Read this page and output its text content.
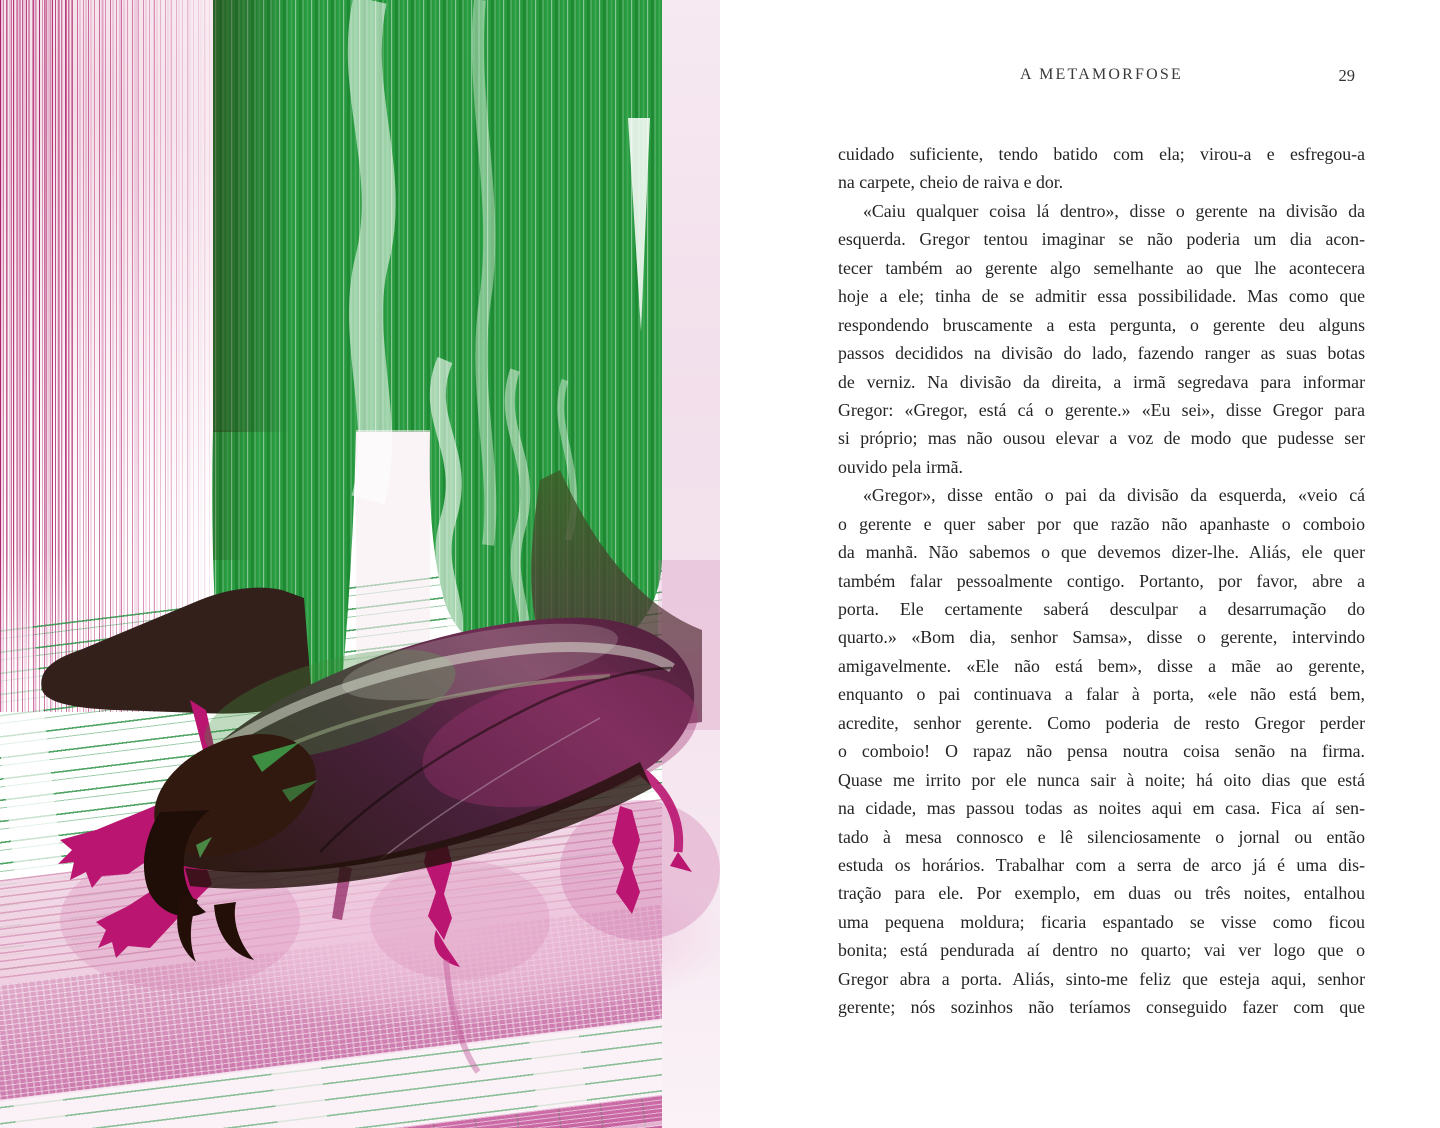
A METAMORFOSE	29
cuidado suficiente, tendo batido com ela; virou-a e esfregou-a
na carpete, cheio de raiva e dor.
«Caiu qualquer coisa lá dentro», disse o gerente na divisão da
esquerda. Gregor tentou imaginar se não poderia um dia acon-
tecer também ao gerente algo semelhante ao que lhe acontecera
hoje a ele; tinha de se admitir essa possibilidade. Mas como que
respondendo bruscamente a esta pergunta, o gerente deu alguns
passos decididos na divisão do lado, fazendo ranger as suas botas
de verniz. Na divisão da direita, a irmã segredava para informar
Gregor: «Gregor, está cá o gerente.» «Eu sei», disse Gregor para
si próprio; mas não ousou elevar a voz de modo que pudesse ser
ouvido pela irmã.
«Gregor», disse então o pai da divisão da esquerda, «veio cá
o gerente e quer saber por que razão não apanhaste o comboio
da manhã. Não sabemos o que devemos dizer-lhe. Aliás, ele quer
também falar pessoalmente contigo. Portanto, por favor, abre a
porta. Ele certamente saberá desculpar a desarrumação do
quarto.» «Bom dia, senhor Samsa», disse o gerente, intervindo
amigavelmente. «Ele não está bem», disse a mãe ao gerente,
enquanto o pai continuava a falar à porta, «ele não está bem,
acredite, senhor gerente. Como poderia de resto Gregor perder
o comboio! O rapaz não pensa noutra coisa senão na firma.
Quase me irrito por ele nunca sair à noite; há oito dias que está
na cidade, mas passou todas as noites aqui em casa. Fica aí sen-
tado à mesa connosco e lê silenciosamente o jornal ou então
estuda os horários. Trabalhar com a serra de arco já é uma dis-
tração para ele. Por exemplo, em duas ou três noites, entalhou
uma pequena moldura; ficaria espantado se visse como ficou
bonita; está pendurada aí dentro no quarto; vai ver logo que o
Gregor abra a porta. Aliás, sinto-me feliz que esteja aqui, senhor
gerente; nós sozinhos não teríamos conseguido fazer com que
